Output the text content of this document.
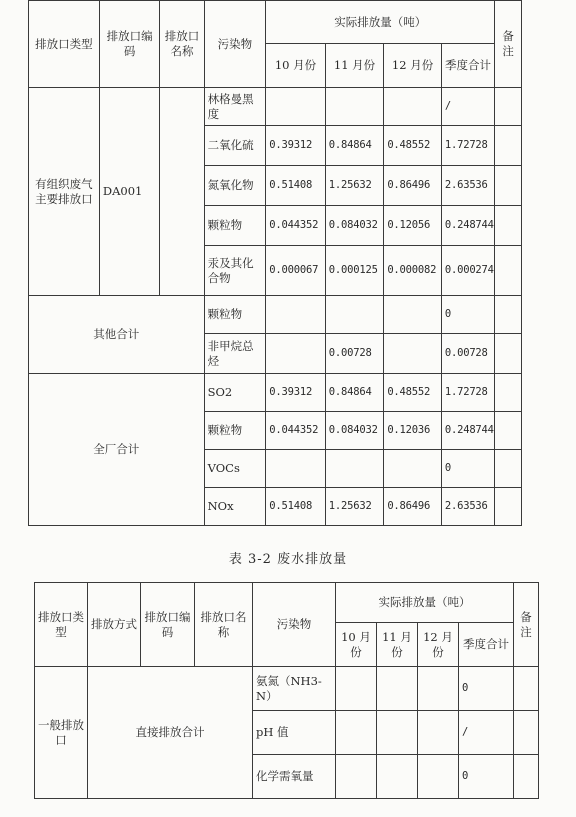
排放口类型	排放口编码	排放口名称	污染物	实际排放量（吨）				备注
				10 月份	11 月份	12 月份	季度合计	
有组织废气主要排放口	DA001		林格曼黑度				/	
			二氧化硫	0.39312	0.84864	0.48552	1.72728	
			氮氧化物	0.51408	1.25632	0.86496	2.63536	
			颗粒物	0.044352	0.084032	0.12056	0.248744	
			汞及其化合物	0.000067	0.000125	0.000082	0.000274	
其他合计			颗粒物				0	
			非甲烷总烃		0.00728		0.00728	
全厂合计			SO2	0.39312	0.84864	0.48552	1.72728	
			颗粒物	0.044352	0.084032	0.12036	0.248744	
			VOCs				0	
			NOx	0.51408	1.25632	0.86496	2.63536	
表 3-2 废水排放量
排放口类型	排放方式	排放口编码	排放口名称	污染物	实际排放量（吨）				备注
					10 月份	11 月份	12 月份	季度合计	
一般排放口	直接排放合计			氨氮（NH3-N）				0	
				pH 值				/	
				化学需氧量				0	
